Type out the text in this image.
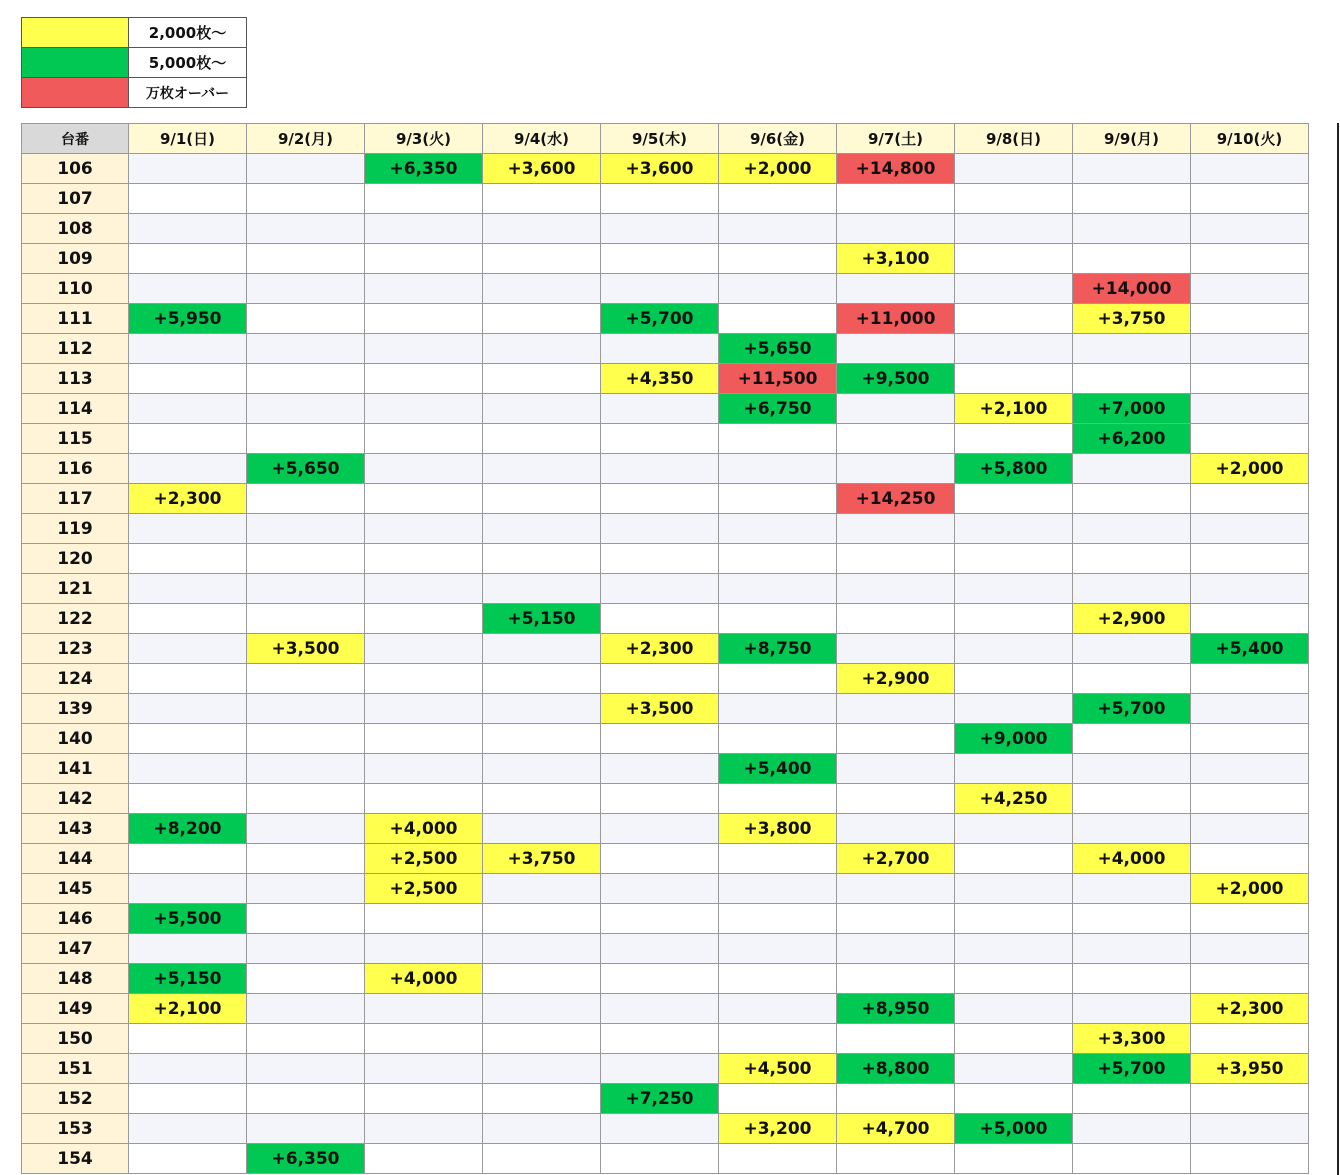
	2,000枚～
	5,000枚～
	万枚オーバー
台番	9/1(日)	9/2(月)	9/3(火)	9/4(水)	9/5(木)	9/6(金)	9/7(土)	9/8(日)	9/9(月)	9/10(火)
106			+6,350	+3,600	+3,600	+2,000	+14,800			
107										
108										
109							+3,100			
110									+14,000	
111	+5,950				+5,700		+11,000		+3,750	
112						+5,650				
113					+4,350	+11,500	+9,500			
114						+6,750		+2,100	+7,000	
115									+6,200	
116		+5,650						+5,800		+2,000
117	+2,300						+14,250			
119										
120										
121										
122				+5,150					+2,900	
123		+3,500			+2,300	+8,750				+5,400
124							+2,900			
139					+3,500				+5,700	
140								+9,000		
141						+5,400				
142								+4,250		
143	+8,200		+4,000			+3,800				
144			+2,500	+3,750			+2,700		+4,000	
145			+2,500							+2,000
146	+5,500									
147										
148	+5,150		+4,000							
149	+2,100						+8,950			+2,300
150									+3,300	
151						+4,500	+8,800		+5,700	+3,950
152					+7,250					
153						+3,200	+4,700	+5,000		
154		+6,350								
